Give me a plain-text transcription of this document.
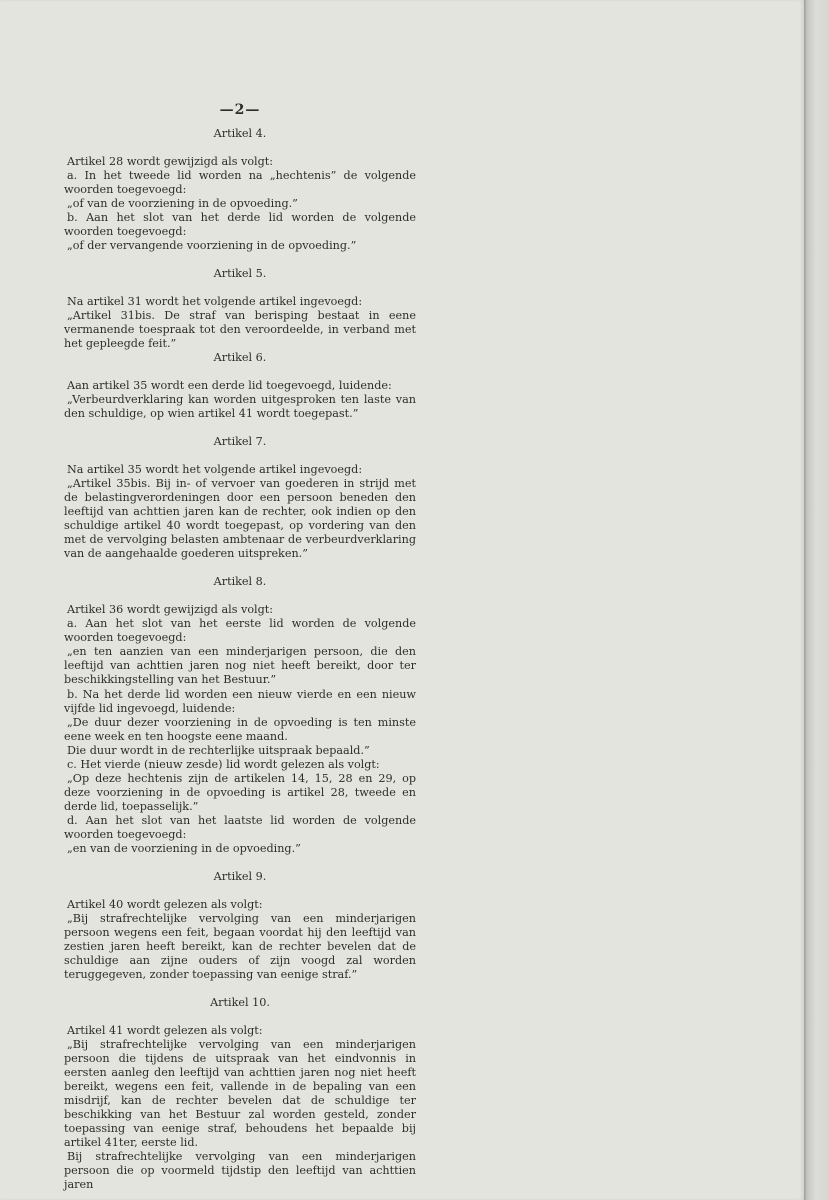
—2—
Artikel 4.

Artikel 28 wordt gewijzigd als volgt:

a. In het tweede lid worden na „hechtenis” de volgende woorden toegevoegd:

„of van de voorziening in de opvoeding.”

b. Aan het slot van het derde lid worden de volgende woorden toegevoegd:

„of der vervangende voorziening in de opvoeding.”

Artikel 5.

Na artikel 31 wordt het volgende artikel ingevoegd:

„Artikel 31bis. De straf van berisping bestaat in eene vermanende toespraak tot den veroordeelde, in verband met het gepleegde feit.”

Artikel 6.

Aan artikel 35 wordt een derde lid toegevoegd, luidende:

„Verbeurdverklaring kan worden uitgesproken ten laste van den schuldige, op wien artikel 41 wordt toegepast.”

Artikel 7.

Na artikel 35 wordt het volgende artikel ingevoegd:

„Artikel 35bis. Bij in- of vervoer van goederen in strijd met de belastingverordeningen door een persoon beneden den leeftijd van achttien jaren kan de rechter, ook indien op den schuldige artikel 40 wordt toegepast, op vordering van den met de vervolging belasten ambtenaar de verbeurdverklaring van de aangehaalde goederen uitspreken.”

Artikel 8.

Artikel 36 wordt gewijzigd als volgt:

a. Aan het slot van het eerste lid worden de volgende woorden toegevoegd:

„en ten aanzien van een minderjarigen persoon, die den leeftijd van achttien jaren nog niet heeft bereikt, door ter beschikkingstelling van het Bestuur.”

b. Na het derde lid worden een nieuw vierde en een nieuw vijfde lid ingevoegd, luidende:

„De duur dezer voorziening in de opvoeding is ten minste eene week en ten hoogste eene maand.

Die duur wordt in de rechterlijke uitspraak bepaald.”

c. Het vierde (nieuw zesde) lid wordt gelezen als volgt:

„Op deze hechtenis zijn de artikelen 14, 15, 28 en 29, op deze voorziening in de opvoeding is artikel 28, tweede en derde lid, toepasselijk.”

d. Aan het slot van het laatste lid worden de volgende woorden toegevoegd:

„en van de voorziening in de opvoeding.”

Artikel 9.

Artikel 40 wordt gelezen als volgt:

„Bij strafrechtelijke vervolging van een minderjarigen persoon wegens een feit, begaan voordat hij den leeftijd van zestien jaren heeft bereikt, kan de rechter bevelen dat de schuldige aan zijne ouders of zijn voogd zal worden teruggegeven, zonder toepassing van eenige straf.”

Artikel 10.

Artikel 41 wordt gelezen als volgt:

„Bij strafrechtelijke vervolging van een minderjarigen persoon die tijdens de uitspraak van het eindvonnis in eersten aanleg den leeftijd van achttien jaren nog niet heeft bereikt, wegens een feit, vallende in de bepaling van een misdrijf, kan de rechter bevelen dat de schuldige ter beschikking van het Bestuur zal worden gesteld, zonder toepassing van eenige straf, behoudens het bepaalde bij artikel 41ter, eerste lid.

Bij strafrechtelijke vervolging van een minderjarigen persoon die op voormeld tijdstip den leeftijd van achttien jaren
